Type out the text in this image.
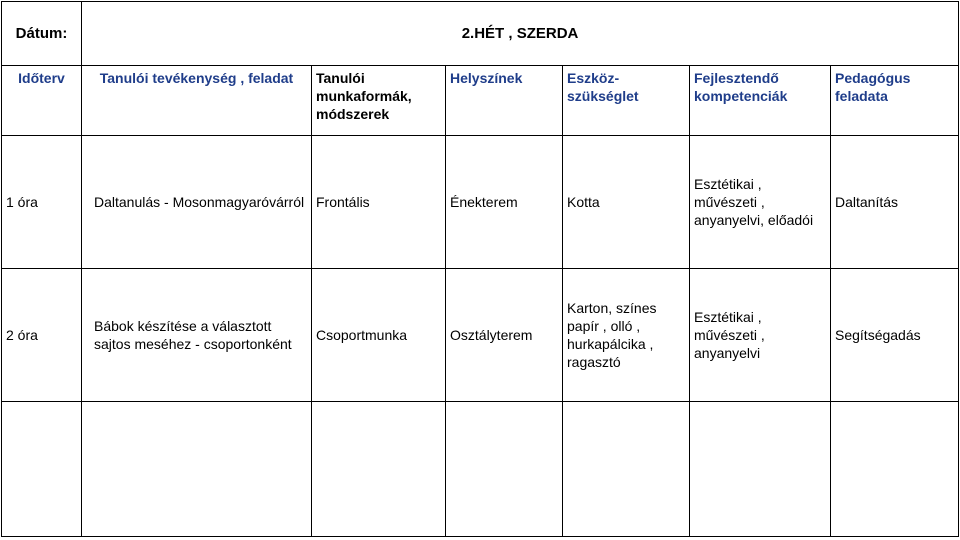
Dátum:	2.HÉT , SZERDA					
Időterv	Tanulói tevékenység , feladat	Tanulói munkaformák, módszerek	Helyszínek	Eszköz- szükséglet	Fejlesztendő kompetenciák	Pedagógus feladata
1 óra	Daltanulás - Mosonmagyaróvárról	Frontális	Énekterem	Kotta	Esztétikai , művészeti , anyanyelvi, előadói	Daltanítás
2 óra	Bábok készítése a választott sajtos meséhez - csoportonként	Csoportmunka	Osztályterem	Karton, színes papír , olló , hurkapálcika , ragasztó	Esztétikai , művészeti , anyanyelvi	Segítségadás
